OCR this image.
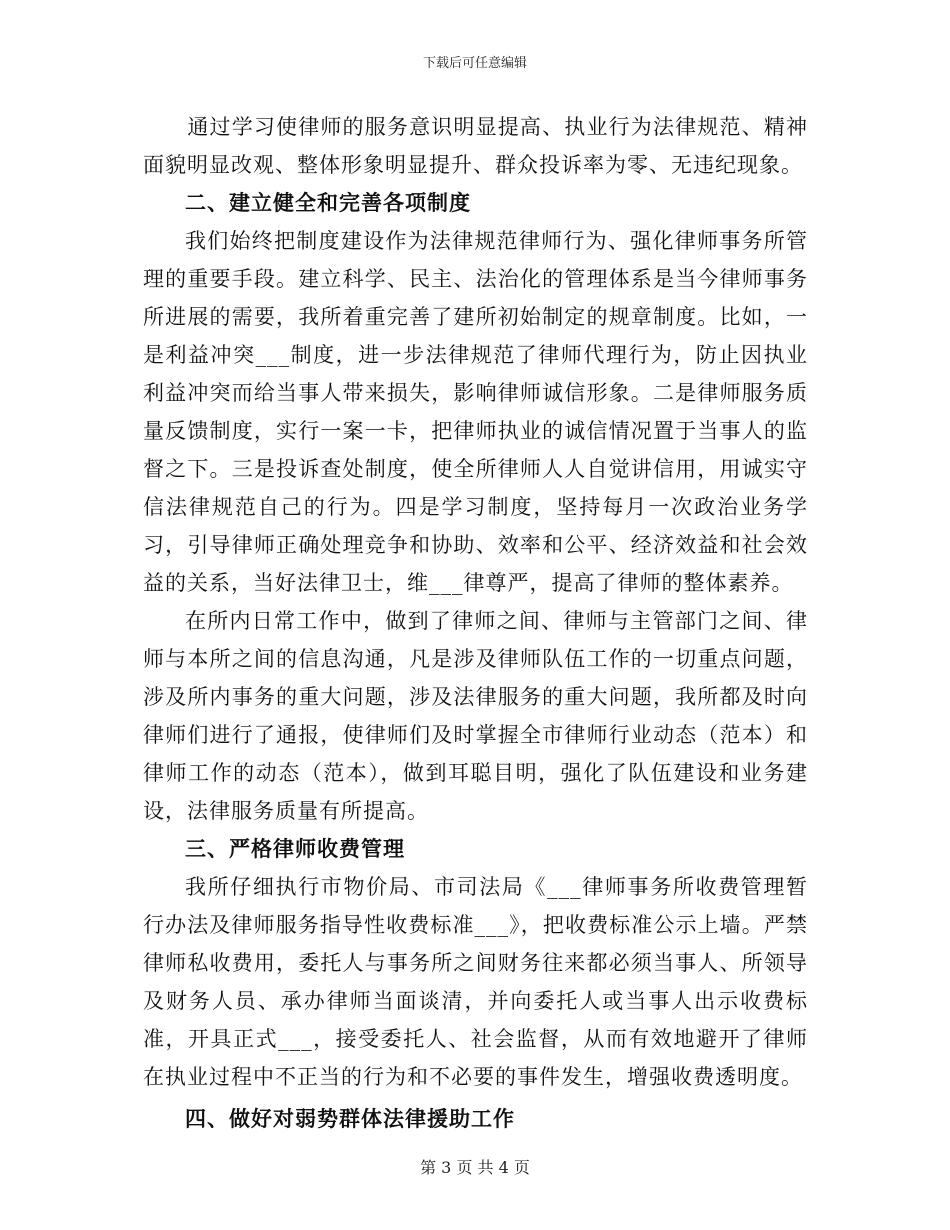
下载后可任意编辑

　　通过学习使律师的服务意识明显提高、执业行为法律规范、精神面貌明显改观、整体形象明显提升、群众投诉率为零、无违纪现象。

二、建立健全和完善各项制度

我们始终把制度建设作为法律规范律师行为、强化律师事务所管理的重要手段。建立科学、民主、法治化的管理体系是当今律师事务所进展的需要，我所着重完善了建所初始制定的规章制度。比如，一是利益冲突___制度，进一步法律规范了律师代理行为，防止因执业利益冲突而给当事人带来损失，影响律师诚信形象。二是律师服务质量反馈制度，实行一案一卡，把律师执业的诚信情况置于当事人的监督之下。三是投诉查处制度，使全所律师人人自觉讲信用，用诚实守信法律规范自己的行为。四是学习制度，坚持每月一次政治业务学习，引导律师正确处理竞争和协助、效率和公平、经济效益和社会效益的关系，当好法律卫士，维___律尊严，提高了律师的整体素养。

在所内日常工作中，做到了律师之间、律师与主管部门之间、律师与本所之间的信息沟通，凡是涉及律师队伍工作的一切重点问题，涉及所内事务的重大问题，涉及法律服务的重大问题，我所都及时向律师们进行了通报，使律师们及时掌握全市律师行业动态（范本）和律师工作的动态（范本），做到耳聪目明，强化了队伍建设和业务建设，法律服务质量有所提高。

三、严格律师收费管理

我所仔细执行市物价局、市司法局《___律师事务所收费管理暂行办法及律师服务指导性收费标准___》，把收费标准公示上墙。严禁律师私收费用，委托人与事务所之间财务往来都必须当事人、所领导及财务人员、承办律师当面谈清，并向委托人或当事人出示收费标准，开具正式___，接受委托人、社会监督，从而有效地避开了律师在执业过程中不正当的行为和不必要的事件发生，增强收费透明度。

四、做好对弱势群体法律援助工作

第 3 页 共 4 页
